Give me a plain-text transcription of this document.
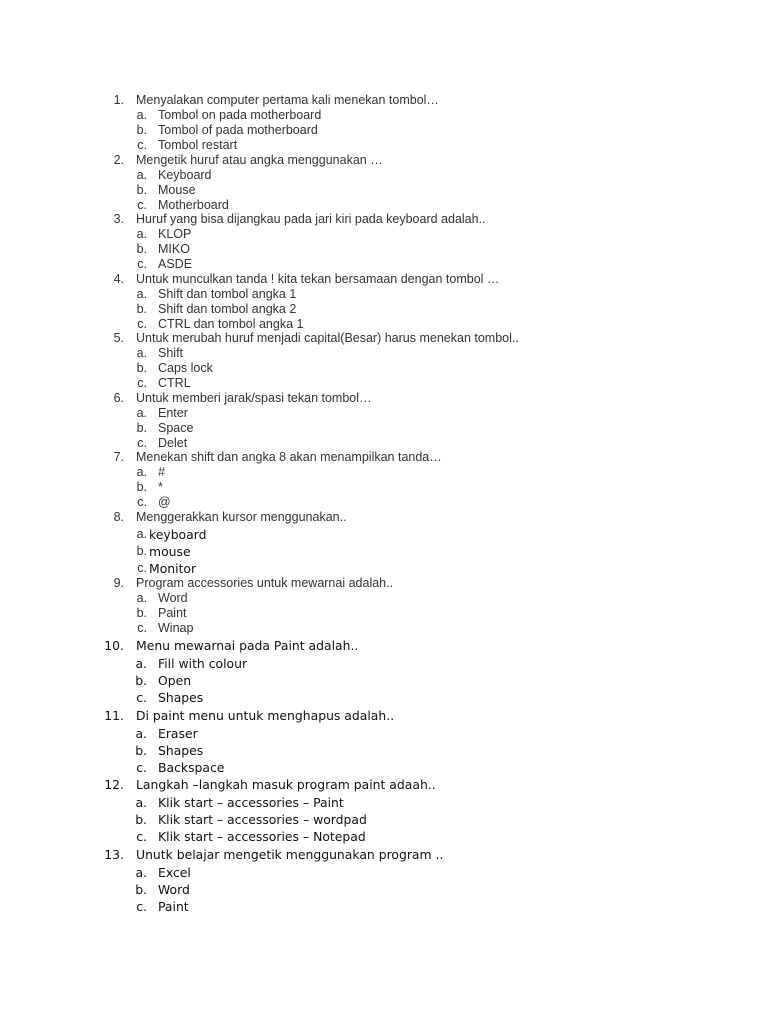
1. Menyalakan computer pertama kali menekan tombol…
a. Tombol on pada motherboard
b. Tombol of pada motherboard
c. Tombol restart
2. Mengetik huruf atau angka menggunakan …
a. Keyboard
b. Mouse
c. Motherboard
3. Huruf yang bisa dijangkau pada jari kiri pada keyboard adalah..
a. KLOP
b. MIKO
c. ASDE
4. Untuk munculkan tanda ! kita tekan bersamaan dengan tombol …
a. Shift dan tombol angka 1
b. Shift dan tombol angka 2
c. CTRL dan tombol angka 1
5. Untuk merubah huruf menjadi capital(Besar) harus menekan tombol..
a. Shift
b. Caps lock
c. CTRL
6. Untuk memberi jarak/spasi tekan tombol…
a. Enter
b. Space
c. Delet
7. Menekan shift dan angka 8 akan menampilkan tanda…
a. #
b. *
c. @
8. Menggerakkan kursor menggunakan..
a. keyboard
b. mouse
c. Monitor
9. Program accessories untuk mewarnai adalah..
a. Word
b. Paint
c. Winap
10. Menu mewarnai pada Paint adalah..
a. Fill with colour
b. Open
c. Shapes
11. Di paint menu untuk menghapus adalah..
a. Eraser
b. Shapes
c. Backspace
12. Langkah –langkah masuk program paint adaah..
a. Klik start – accessories – Paint
b. Klik start – accessories – wordpad
c. Klik start – accessories – Notepad
13. Unutk belajar mengetik menggunakan program ..
a. Excel
b. Word
c. Paint
